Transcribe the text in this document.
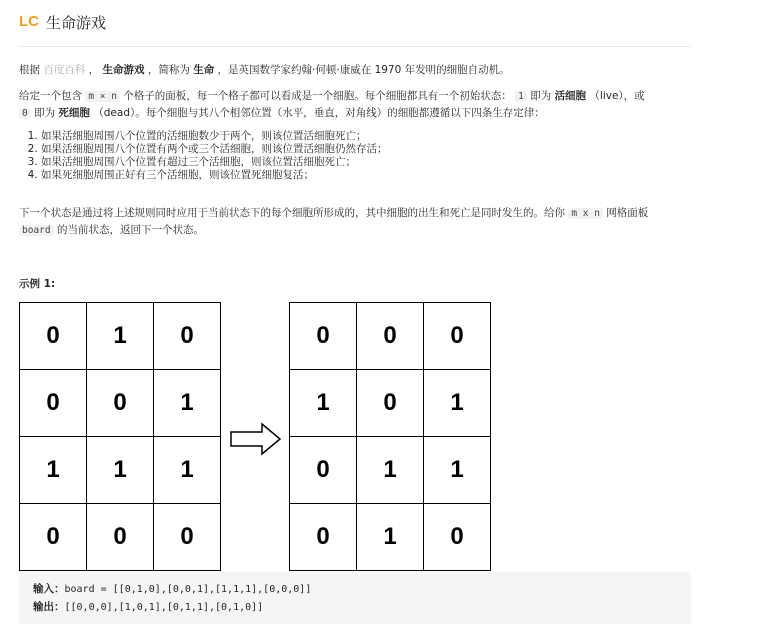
LC 生命游戏
根据 百度百科 ， 生命游戏 ，简称为 生命 ，是英国数学家约翰·何顿·康威在 1970 年发明的细胞自动机。
给定一个包含 m × n 个格子的面板，每一个格子都可以看成是一个细胞。每个细胞都具有一个初始状态： 1 即为 活细胞 （live），或
0 即为 死细胞 （dead）。每个细胞与其八个相邻位置（水平，垂直，对角线）的细胞都遵循以下四条生存定律：
1. 如果活细胞周围八个位置的活细胞数少于两个，则该位置活细胞死亡；
2. 如果活细胞周围八个位置有两个或三个活细胞，则该位置活细胞仍然存活；
3. 如果活细胞周围八个位置有超过三个活细胞，则该位置活细胞死亡；
4. 如果死细胞周围正好有三个活细胞，则该位置死细胞复活；
下一个状态是通过将上述规则同时应用于当前状态下的每个细胞所形成的，其中细胞的出生和死亡是同时发生的。给你 m x n 网格面板
board 的当前状态，返回下一个状态。
示例 1:
0	1	0
0	0	1
1	1	1
0	0	0
0	0	0
1	0	1
0	1	1
0	1	0
输入：board = [[0,1,0],[0,0,1],[1,1,1],[0,0,0]]
输出：[[0,0,0],[1,0,1],[0,1,1],[0,1,0]]
